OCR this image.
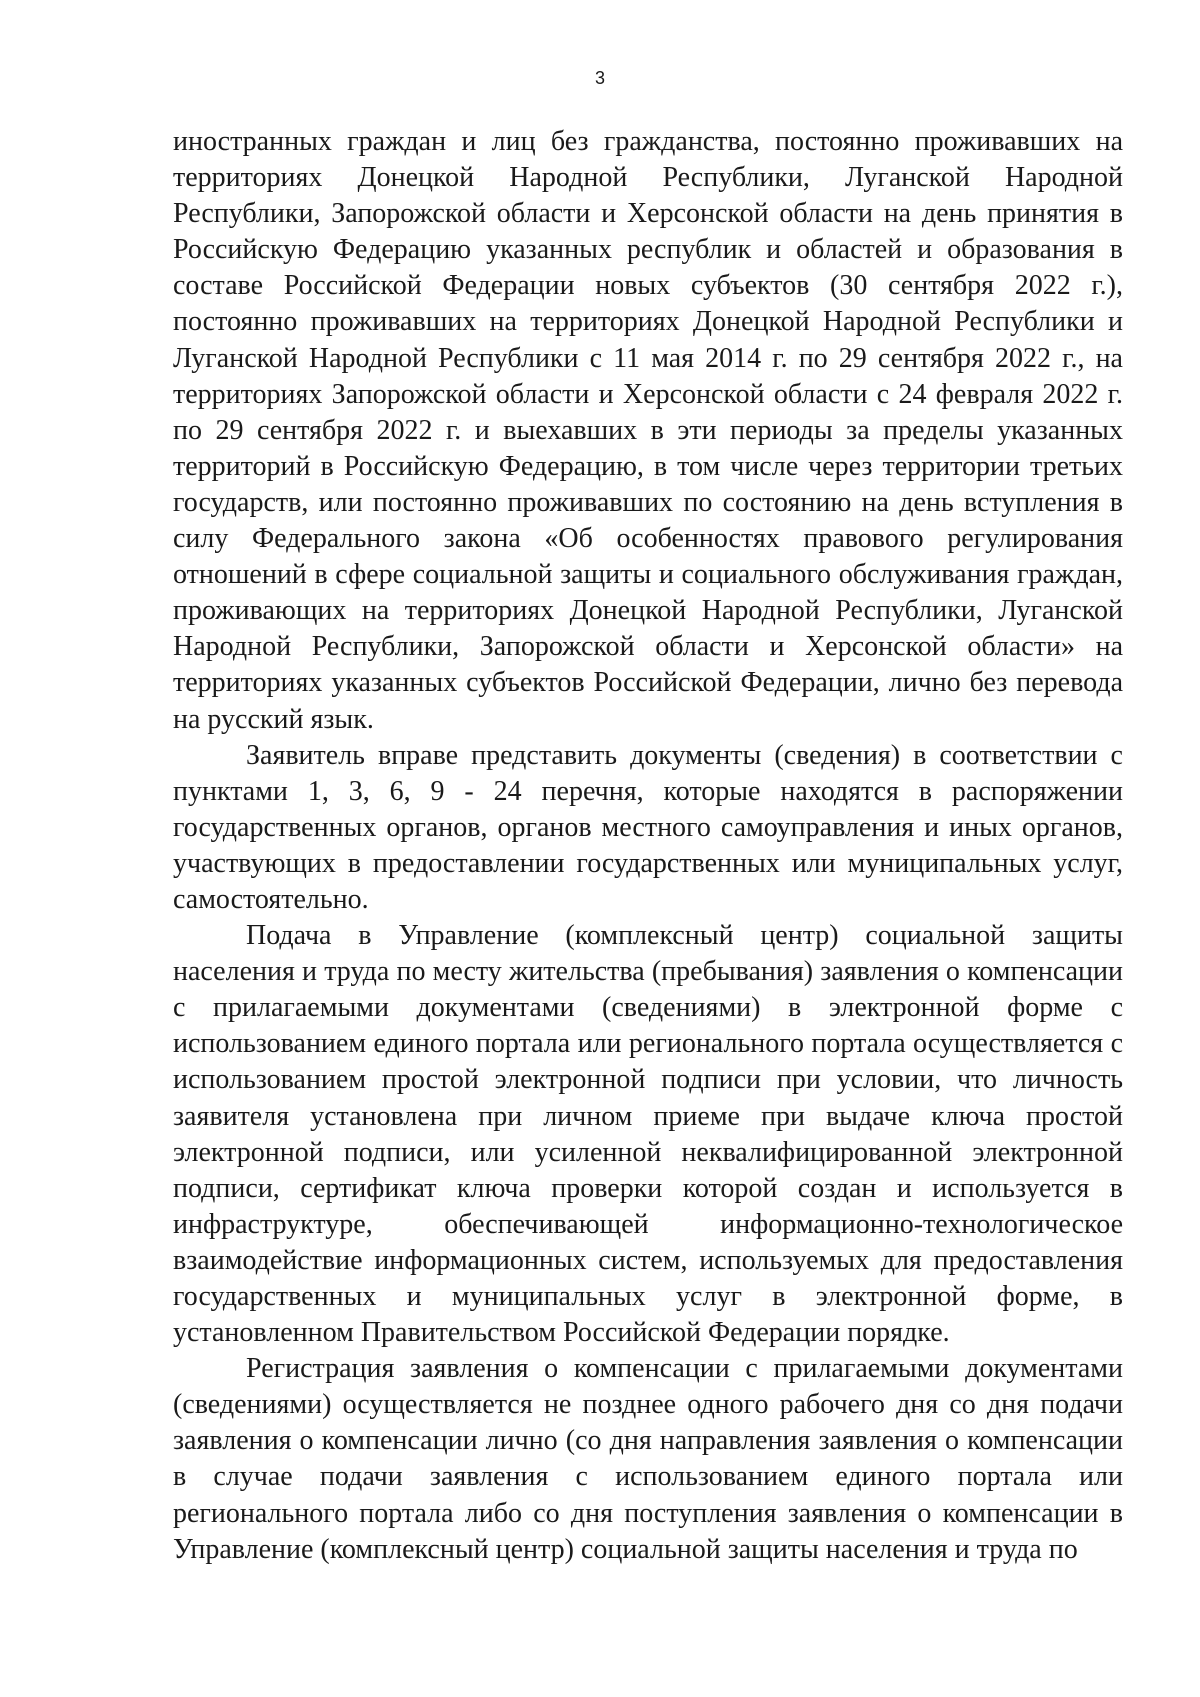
3

иностранных граждан и лиц без гражданства, постоянно проживавших на территориях Донецкой Народной Республики, Луганской Народной Республики, Запорожской области и Херсонской области на день принятия в Российскую Федерацию указанных республик и областей и образования в составе Российской Федерации новых субъектов (30 сентября 2022 г.), постоянно проживавших на территориях Донецкой Народной Республики и Луганской Народной Республики с 11 мая 2014 г. по 29 сентября 2022 г., на территориях Запорожской области и Херсонской области с 24 февраля 2022 г. по 29 сентября 2022 г. и выехавших в эти периоды за пределы указанных территорий в Российскую Федерацию, в том числе через территории третьих государств, или постоянно проживавших по состоянию на день вступления в силу Федерального закона «Об особенностях правового регулирования отношений в сфере социальной защиты и социального обслуживания граждан, проживающих на территориях Донецкой Народной Республики, Луганской Народной Республики, Запорожской области и Херсонской области» на территориях указанных субъектов Российской Федерации, лично без перевода на русский язык.

Заявитель вправе представить документы (сведения) в соответствии с пунктами 1, 3, 6, 9 - 24 перечня, которые находятся в распоряжении государственных органов, органов местного самоуправления и иных органов, участвующих в предоставлении государственных или муниципальных услуг, самостоятельно.

Подача в Управление (комплексный центр) социальной защиты населения и труда по месту жительства (пребывания) заявления о компенсации с прилагаемыми документами (сведениями) в электронной форме с использованием единого портала или регионального портала осуществляется с использованием простой электронной подписи при условии, что личность заявителя установлена при личном приеме при выдаче ключа простой электронной подписи, или усиленной неквалифицированной электронной подписи, сертификат ключа проверки которой создан и используется в инфраструктуре, обеспечивающей информационно-технологическое взаимодействие информационных систем, используемых для предоставления государственных и муниципальных услуг в электронной форме, в установленном Правительством Российской Федерации порядке.

Регистрация заявления о компенсации с прилагаемыми документами (сведениями) осуществляется не позднее одного рабочего дня со дня подачи заявления о компенсации лично (со дня направления заявления о компенсации в случае подачи заявления с использованием единого портала или регионального портала либо со дня поступления заявления о компенсации в Управление (комплексный центр) социальной защиты населения и труда по
